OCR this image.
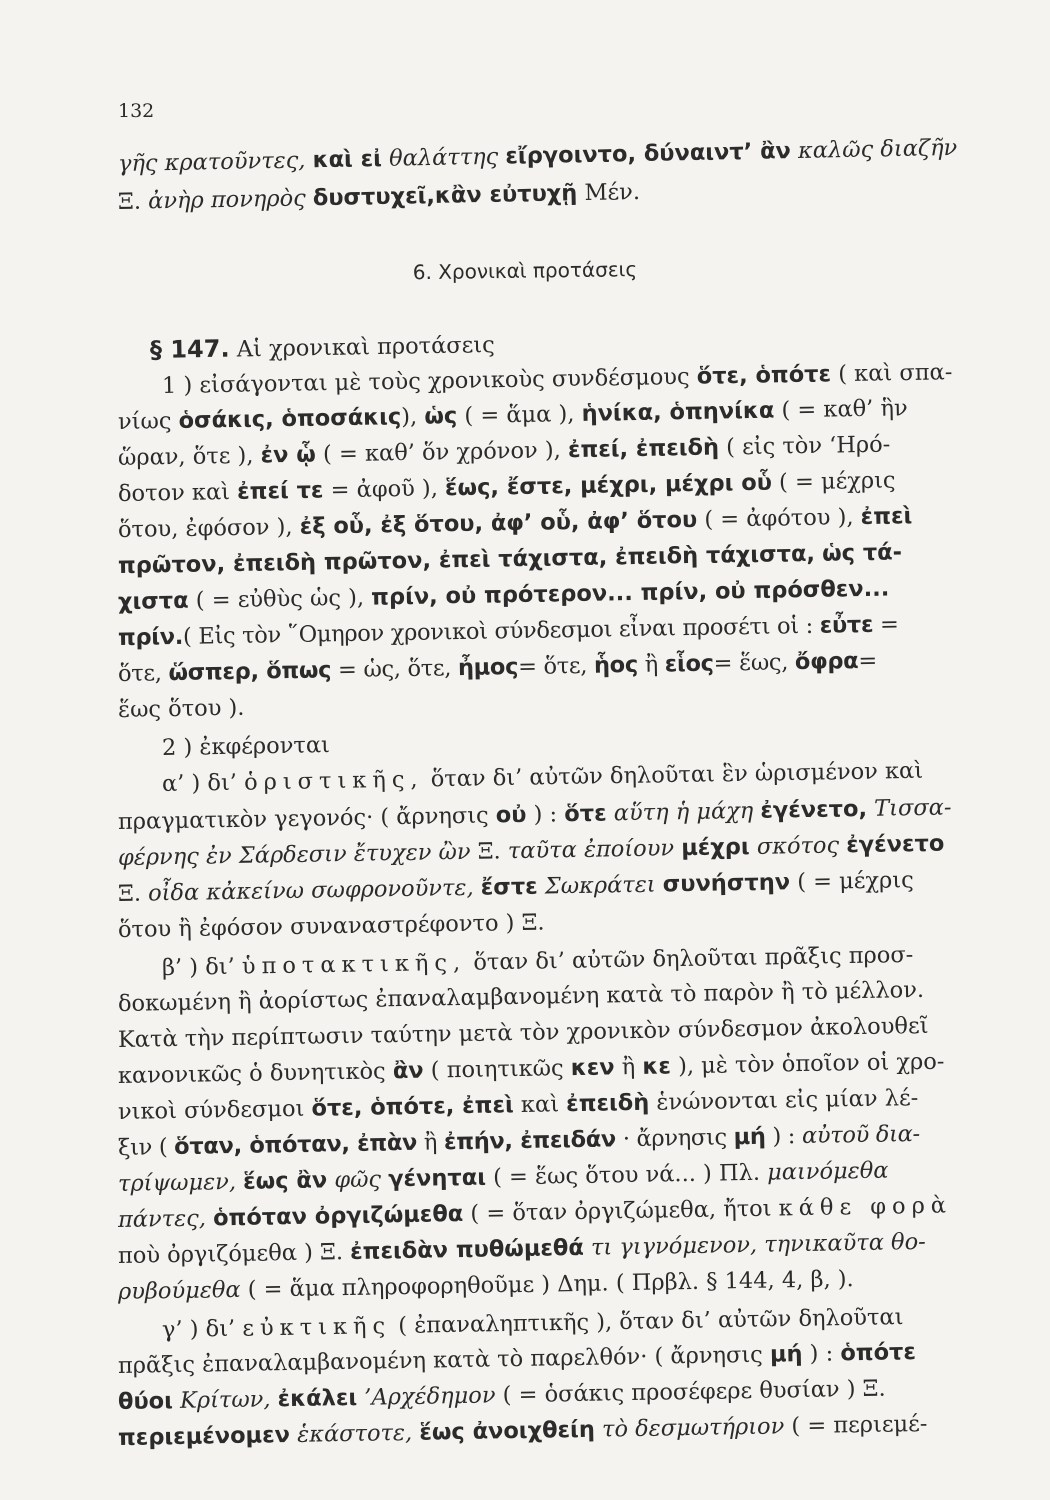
132
γῆς κρατοῦντες, καὶ εἰ θαλάττης εἴργοιντο, δύναιντ’ ἂν καλῶς διαζῆν
Ξ. ἀνὴρ πονηρὸς δυστυχεῖ,κἂν εὐτυχῇ Μέν.
6. Χρονικαὶ προτάσεις
§ 147. Αἱ χρονικαὶ προτάσεις
1 ) εἰσάγονται μὲ τοὺς χρονικοὺς συνδέσμους ὅτε, ὁπότε ( καὶ σπα-
νίως ὁσάκις, ὁποσάκις), ὡς ( = ἅμα ), ἡνίκα, ὁπηνίκα ( = καθ’ ἣν
ὥραν, ὅτε ), ἐν ᾧ ( = καθ’ ὅν χρόνον ), ἐπεί, ἐπειδὴ ( εἰς τὸν ‘Ηρό-
δοτον καὶ ἐπεί τε = ἀφοῦ ), ἕως, ἔστε, μέχρι, μέχρι οὗ ( = μέχρις
ὅτου, ἐφόσον ), ἐξ οὗ, ἐξ ὅτου, ἀφ’ οὗ, ἀφ’ ὅτου ( = ἀφότου ), ἐπεὶ
πρῶτον, ἐπειδὴ πρῶτον, ἐπεὶ τάχιστα, ἐπειδὴ τάχιστα, ὡς τά-
χιστα ( = εὐθὺς ὡς ), πρίν, οὐ πρότερον... πρίν, οὐ πρόσθεν...
πρίν.( Εἰς τὸν ῞Ομηρον χρονικοὶ σύνδεσμοι εἶναι προσέτι οἱ : εὖτε =
ὅτε, ὥσπερ, ὅπως = ὡς, ὅτε, ἦμος= ὅτε, ἧος ἢ εἷος= ἕως, ὄφρα=
ἕως ὅτου ).
2 ) ἐκφέρονται
α’ ) δι’ ὁριστικῆς, ὅταν δι’ αὐτῶν δηλοῦται ἓν ὡρισμένον καὶ
πραγματικὸν γεγονός· ( ἄρνησις οὐ ) : ὅτε αὕτη ἡ μάχη ἐγένετο, Τισσα-
φέρνης ἐν Σάρδεσιν ἔτυχεν ὢν Ξ. ταῦτα ἐποίουν μέχρι σκότος ἐγένετο
Ξ. οἶδα κἀκείνω σωφρονοῦντε, ἔστε Σωκράτει συνήστην ( = μέχρις
ὅτου ἢ ἐφόσον συναναστρέφοντο ) Ξ.
β’ ) δι’ ὑποτακτικῆς, ὅταν δι’ αὐτῶν δηλοῦται πρᾶξις προσ-
δοκωμένη ἢ ἀορίστως ἐπαναλαμβανομένη κατὰ τὸ παρὸν ἢ τὸ μέλλον.
Κατὰ τὴν περίπτωσιν ταύτην μετὰ τὸν χρονικὸν σύνδεσμον ἀκολουθεῖ
κανονικῶς ὁ δυνητικὸς ἂν ( ποιητικῶς κεν ἢ κε ), μὲ τὸν ὁποῖον οἱ χρο-
νικοὶ σύνδεσμοι ὅτε, ὁπότε, ἐπεὶ καὶ ἐπειδὴ ἑνώνονται εἰς μίαν λέ-
ξιν ( ὅταν, ὁπόταν, ἐπὰν ἢ ἐπήν, ἐπειδάν · ἄρνησις μή ) : αὐτοῦ δια-
τρίψωμεν, ἕως ἂν φῶς γένηται ( = ἕως ὅτου νά... ) Πλ. μαινόμεθα
πάντες, ὁπόταν ὀργιζώμεθα ( = ὅταν ὀργιζώμεθα, ἤτοι κάθε φορὰ
ποὺ ὀργιζόμεθα ) Ξ. ἐπειδὰν πυθώμεθά τι γιγνόμενον, τηνικαῦτα θο-
ρυβούμεθα ( = ἅμα πληροφορηθοῦμε ) Δημ. ( Πρβλ. § 144, 4, β, ).
γ’ ) δι’ εὐκτικῆς ( ἐπαναληπτικῆς ), ὅταν δι’ αὐτῶν δηλοῦται
πρᾶξις ἐπαναλαμβανομένη κατὰ τὸ παρελθόν· ( ἄρνησις μή ) : ὁπότε
θύοι Κρίτων, ἐκάλει ’Αρχέδημον ( = ὁσάκις προσέφερε θυσίαν ) Ξ.
περιεμένομεν ἑκάστοτε, ἕως ἀνοιχθείη τὸ δεσμωτήριον ( = περιεμέ-
